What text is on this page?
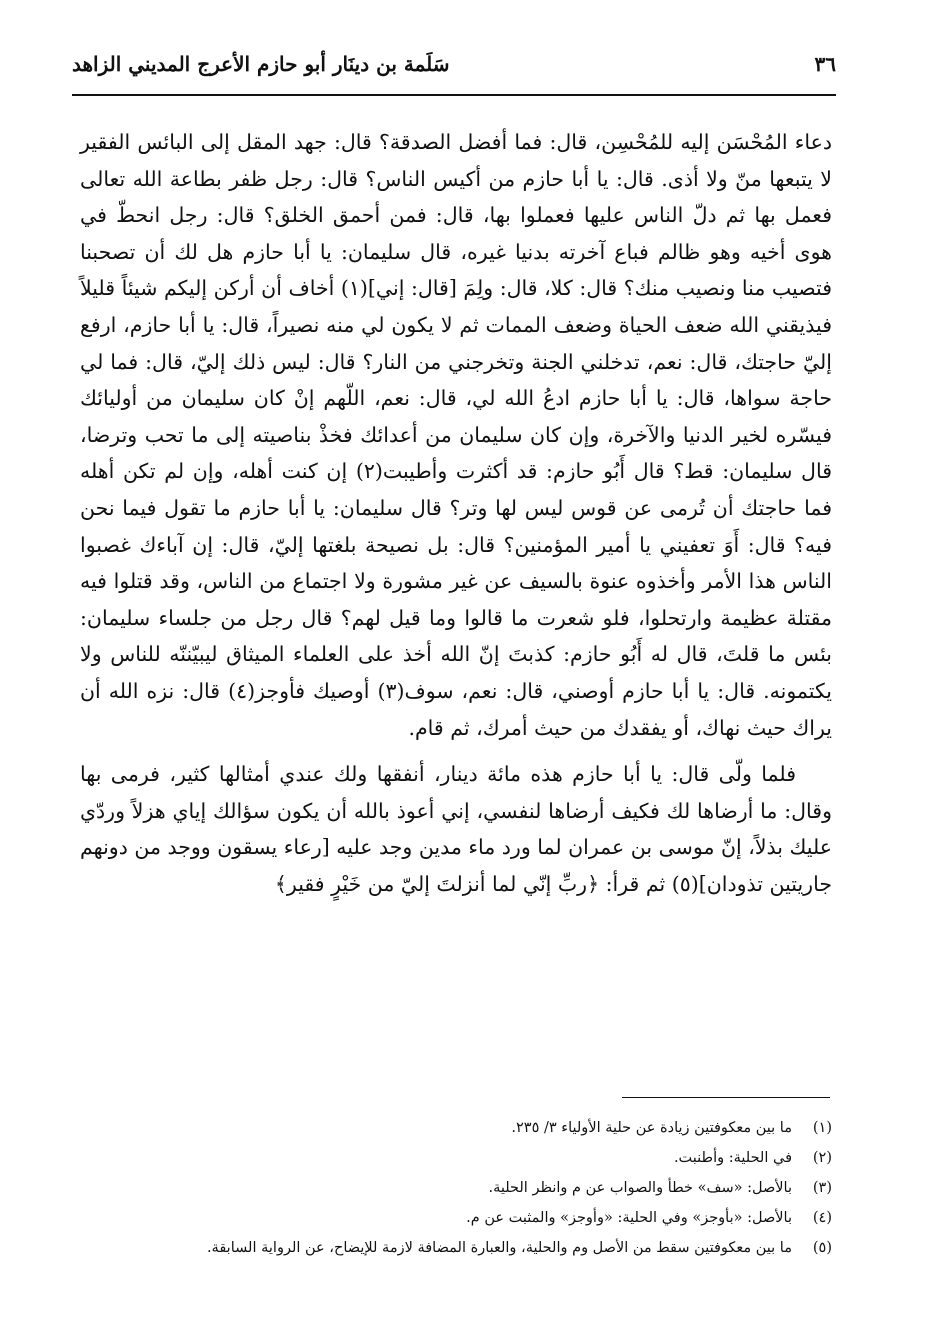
٣٦
سَلَمة بن دينَار أبو حازم الأعرج المديني الزاهد

دعاء المُحْسَن إليه للمُحْسِن، قال: فما أفضل الصدقة؟ قال: جهد المقل إلى البائس الفقير لا يتبعها منّ ولا أذى. قال: يا أبا حازم من أكيس الناس؟ قال: رجل ظفر بطاعة الله تعالى فعمل بها ثم دلّ الناس عليها فعملوا بها، قال: فمن أحمق الخلق؟ قال: رجل انحطّ في هوى أخيه وهو ظالم فباع آخرته بدنيا غيره، قال سليمان: يا أبا حازم هل لك أن تصحبنا فتصيب منا ونصيب منك؟ قال: كلا، قال: ولِمَ [قال: إني](١) أخاف أن أركن إليكم شيئاً قليلاً فيذيقني الله ضعف الحياة وضعف الممات ثم لا يكون لي منه نصيراً، قال: يا أبا حازم، ارفع إليّ حاجتك، قال: نعم، تدخلني الجنة وتخرجني من النار؟ قال: ليس ذلك إليّ، قال: فما لي حاجة سواها، قال: يا أبا حازم ادعُ الله لي، قال: نعم، اللّهم إنْ كان سليمان من أوليائك فيسّره لخير الدنيا والآخرة، وإن كان سليمان من أعدائك فخذْ بناصيته إلى ما تحب وترضا، قال سليمان: قط؟ قال أَبُو حازم: قد أكثرت وأطيبت(٢) إن كنت أهله، وإن لم تكن أهله فما حاجتك أن تُرمى عن قوس ليس لها وتر؟ قال سليمان: يا أبا حازم ما تقول فيما نحن فيه؟ قال: أَوَ تعفيني يا أمير المؤمنين؟ قال: بل نصيحة بلغتها إليّ، قال: إن آباءك غصبوا الناس هذا الأمر وأخذوه عنوة بالسيف عن غير مشورة ولا اجتماع من الناس، وقد قتلوا فيه مقتلة عظيمة وارتحلوا، فلو شعرت ما قالوا وما قيل لهم؟ قال رجل من جلساء سليمان: بئس ما قلتَ، قال له أَبُو حازم: كذبتَ إنّ الله أخذ على العلماء الميثاق ليبيّننّه للناس ولا يكتمونه. قال: يا أبا حازم أوصني، قال: نعم، سوف(٣) أوصيك فأوجز(٤) قال: نزه الله أن يراك حيث نهاك، أو يفقدك من حيث أمرك، ثم قام.

فلما ولّى قال: يا أبا حازم هذه مائة دينار، أنفقها ولك عندي أمثالها كثير، فرمى بها وقال: ما أرضاها لك فكيف أرضاها لنفسي، إني أعوذ بالله أن يكون سؤالك إياي هزلاً وردّي عليك بذلاً، إنّ موسى بن عمران لما ورد ماء مدين وجد عليه [رعاء يسقون ووجد من دونهم جاريتين تذودان](٥) ثم قرأ: ﴿ربِّ إنّي لما أنزلتَ إليّ من خَيْرٍ فقير﴾

(١)
ما بين معكوفتين زيادة عن حلية الأولياء ٣/ ٢٣٥.
(٢)
في الحلية: وأطنبت.
(٣)
بالأصل: «سف» خطأ والصواب عن م وانظر الحلية.
(٤)
بالأصل: «بأوجز» وفي الحلية: «وأوجز» والمثبت عن م.
(٥)
ما بين معكوفتين سقط من الأصل وم والحلية، والعبارة المضافة لازمة للإيضاح، عن الرواية السابقة.
